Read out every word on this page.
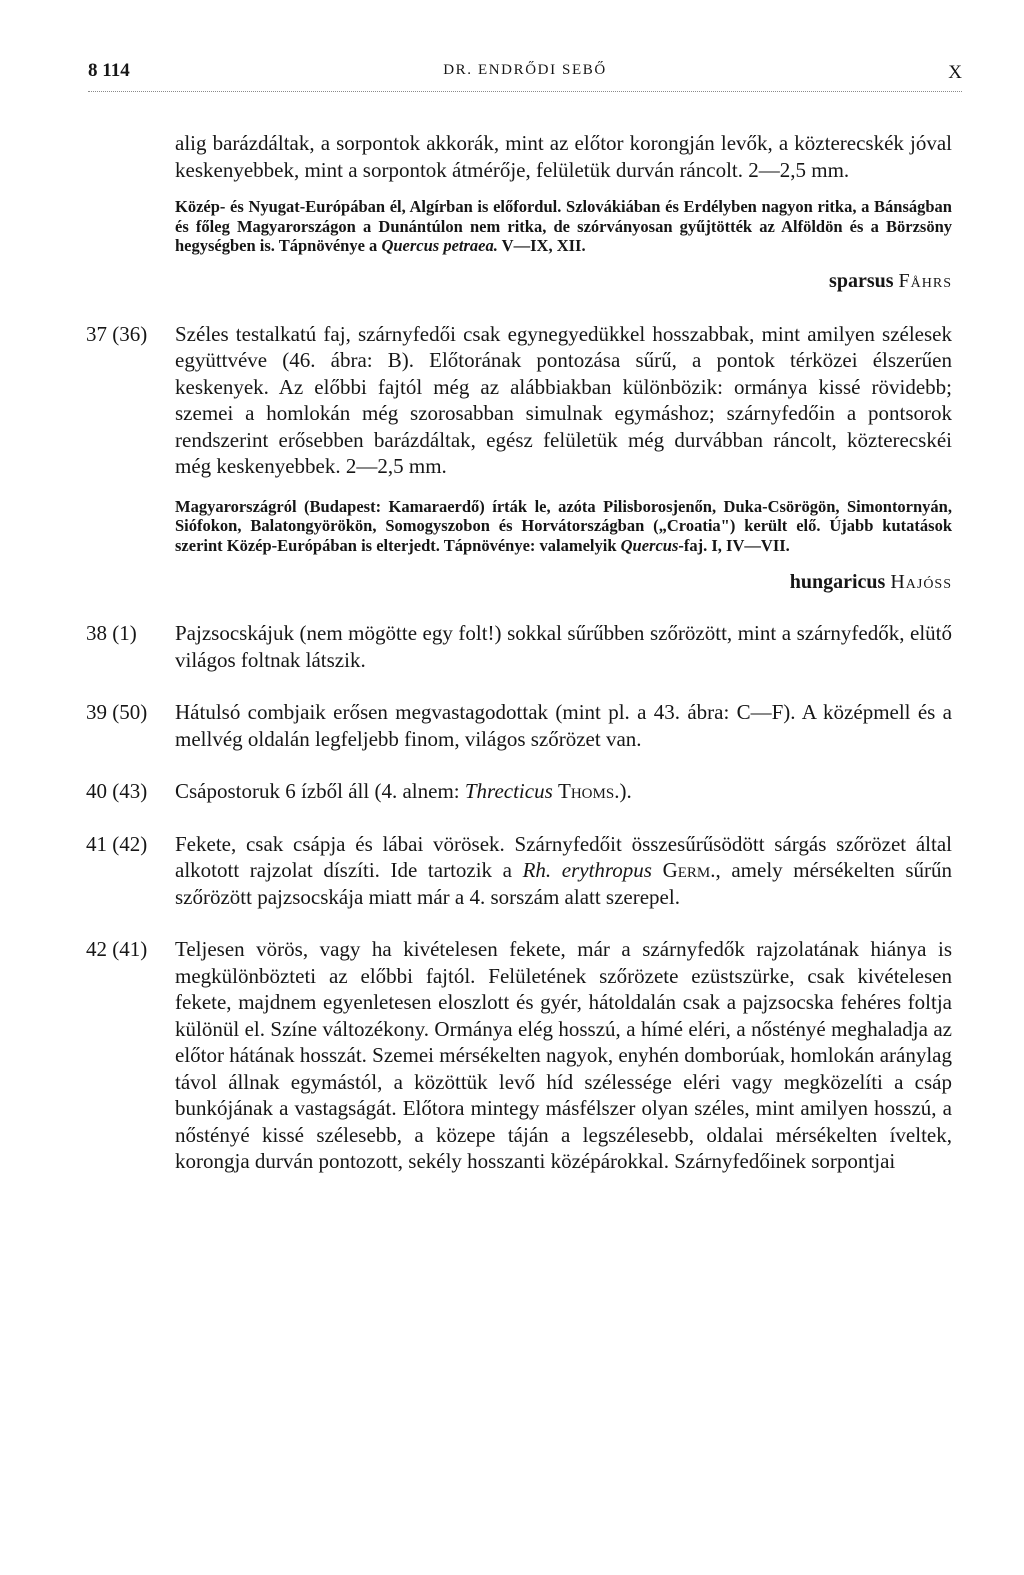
8 114	DR. ENDRŐDI SEBŐ	X

alig barázdáltak, a sorpontok akkorák, mint az előtor korongján levők, a közterecskék jóval keskenyebbek, mint a sorpontok átmérője, felületük durván ráncolt. 2—2,5 mm.

Közép- és Nyugat-Európában él, Algírban is előfordul. Szlovákiában és Erdélyben nagyon ritka, a Bánságban és főleg Magyarországon a Dunántúlon nem ritka, de szórványosan gyűjtötték az Alföldön és a Börzsöny hegységben is. Tápnövénye a Quercus petraea. V—IX, XII.

sparsus Fåhrs

37 (36) Széles testalkatú faj, szárnyfedői csak egynegyedükkel hosszabbak, mint amilyen szélesek együttvéve (46. ábra: B). Előtorának pontozása sűrű, a pontok térközei élszerűen keskenyek. Az előbbi fajtól még az alábbiakban különbözik: ormánya kissé rövidebb; szemei a homlokán még szorosabban simulnak egymáshoz; szárnyfedőin a pontsorok rendszerint erősebben barázdáltak, egész felületük még durvábban ráncolt, közterecskéi még keskenyebbek. 2—2,5 mm.

Magyarországról (Budapest: Kamaraerdő) írták le, azóta Pilisborosjenőn, Duka-Csörögön, Simontornyán, Siófokon, Balatongyörökön, Somogyszobon és Horvátországban („Croatia") került elő. Újabb kutatások szerint Közép-Európában is elterjedt. Tápnövénye: valamelyik Quercus-faj. I, IV—VII.

hungaricus Hajóss

38 (1) Pajzsocskájuk (nem mögötte egy folt!) sokkal sűrűbben szőrözött, mint a szárnyfedők, elütő világos foltnak látszik.
39 (50) Hátulsó combjaik erősen megvastagodottak (mint pl. a 43. ábra: C—F). A középmell és a mellvég oldalán legfeljebb finom, világos szőrözet van.
40 (43) Csápostoruk 6 ízből áll (4. alnem: Threcticus Thoms.).
41 (42) Fekete, csak csápja és lábai vörösek. Szárnyfedőit összesűrűsödött sárgás szőrözet által alkotott rajzolat díszíti. Ide tartozik a Rh. erythropus Germ., amely mérsékelten sűrűn szőrözött pajzsocskája miatt már a 4. sorszám alatt szerepel.
42 (41) Teljesen vörös, vagy ha kivételesen fekete, már a szárnyfedők rajzolatának hiánya is megkülönbözteti az előbbi fajtól. Felületének szőrözete ezüstszürke, csak kivételesen fekete, majdnem egyenletesen eloszlott és gyér, hátoldalán csak a pajzsocska fehéres foltja különül el. Színe változékony. Ormánya elég hosszú, a hímé eléri, a nőstényé meghaladja az előtor hátának hosszát. Szemei mérsékelten nagyok, enyhén domborúak, homlokán aránylag távol állnak egymástól, a közöttük levő híd szélessége eléri vagy megközelíti a csáp bunkójának a vastagságát. Előtora mintegy másfélszer olyan széles, mint amilyen hosszú, a nőstényé kissé szélesebb, a közepe táján a legszélesebb, oldalai mérsékelten íveltek, korongja durván pontozott, sekély hosszanti középárokkal. Szárnyfedőinek sorpontjai
